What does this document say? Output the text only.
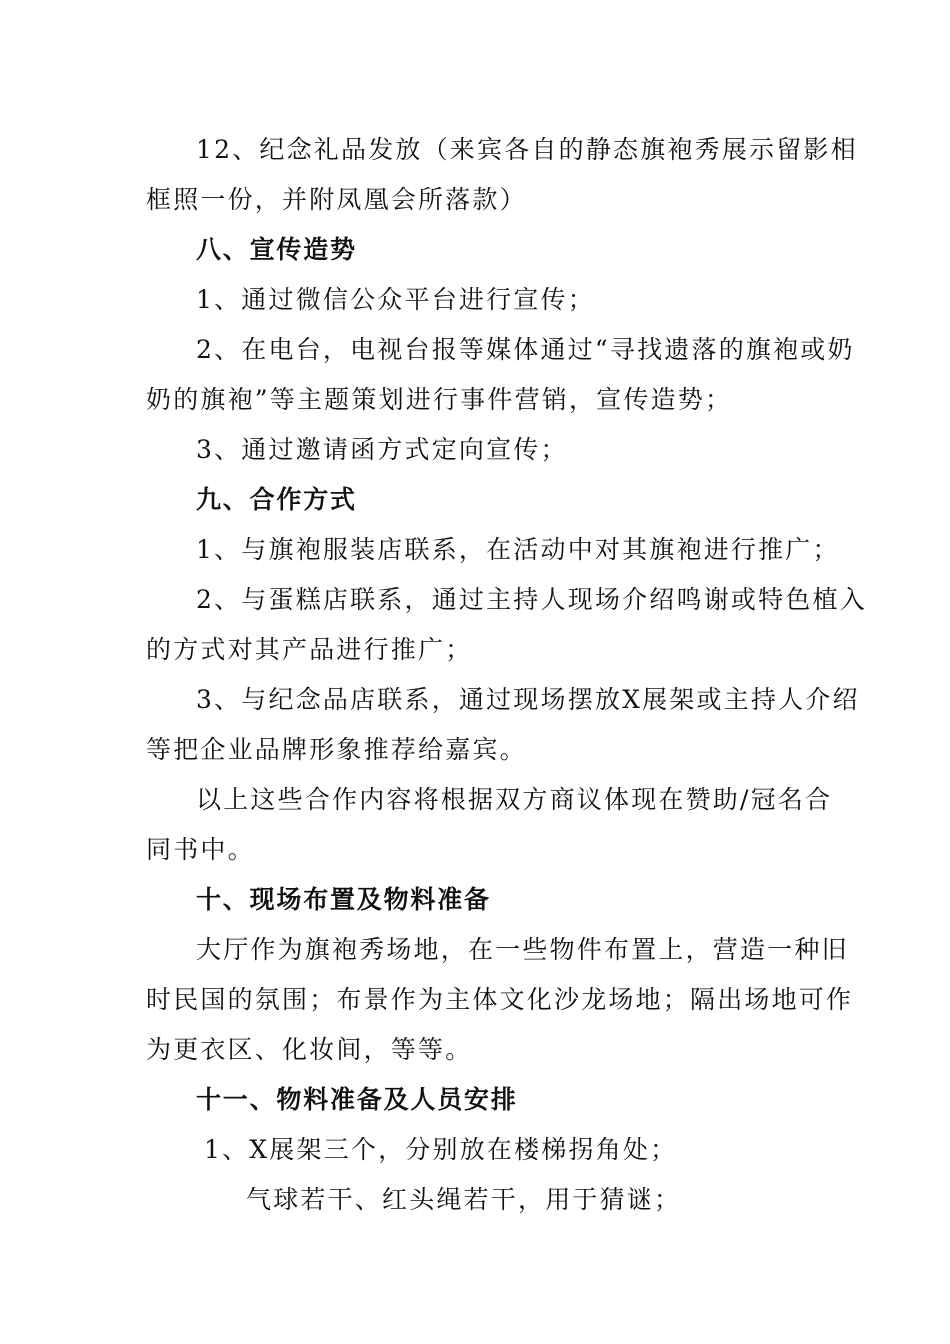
12、纪念礼品发放（来宾各自的静态旗袍秀展示留影相
框照一份，并附凤凰会所落款）
八、宣传造势
1、通过微信公众平台进行宣传；
2、在电台，电视台报等媒体通过“寻找遗落的旗袍或奶
奶的旗袍”等主题策划进行事件营销，宣传造势；
3、通过邀请函方式定向宣传；
九、合作方式
1、与旗袍服装店联系，在活动中对其旗袍进行推广；
2、与蛋糕店联系，通过主持人现场介绍鸣谢或特色植入
的方式对其产品进行推广；
3、与纪念品店联系，通过现场摆放X展架或主持人介绍
等把企业品牌形象推荐给嘉宾。
以上这些合作内容将根据双方商议体现在赞助/冠名合
同书中。
十、现场布置及物料准备
大厅作为旗袍秀场地，在一些物件布置上，营造一种旧
时民国的氛围；布景作为主体文化沙龙场地；隔出场地可作
为更衣区、化妆间，等等。
十一、物料准备及人员安排
1、X展架三个，分别放在楼梯拐角处；
气球若干、红头绳若干，用于猜谜；
